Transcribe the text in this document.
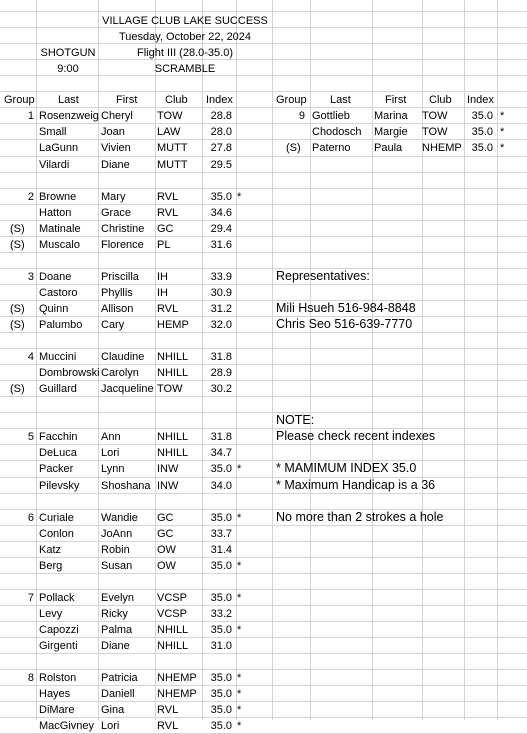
VILLAGE CLUB LAKE SUCCESS
Tuesday, October 22, 2024
SHOTGUN	Flight III (28.0-35.0)
9:00	SCRAMBLE
Group Last	First	Club Index	Group Last	First Club Index
1 Rosenzweig Cheryl TOW	28.8
Small	Joan	LAW	28.0
LaGunn Vivien MUTT	27.8
Vilardi	Diane MUTT	29.5
2 Browne Mary	RVL	35.0 *
Hatton	Grace RVL	34.6
(S) Matinale Christine GC	29.4
(S) Muscalo Florence PL	31.6
3 Doane	Priscilla IH	33.9
Castoro Phyllis IH	30.9
(S) Quinn	Allison RVL	31.2
(S) Palumbo Cary	HEMP	32.0
4 Muccini Claudine NHILL	31.8
Dombrowski Carolyn NHILL	28.9
(S) Guillard Jacqueline TOW	30.2
5 Facchin Ann	NHILL	31.8
DeLuca Lori	NHILL	34.7
Packer	Lynn	INW	35.0 *
Pilevsky Shoshana INW	34.0
6 Curiale Wandie GC	35.0 *
Conlon JoAnn GC	33.7
Katz	Robin OW	31.4
Berg	Susan OW	35.0 *
7 Pollack Evelyn VCSP	35.0 *
Levy	Ricky	VCSP	33.2
Capozzi Palma NHILL	35.0 *
Girgenti Diane NHILL	31.0
8 Rolston Patricia NHEMP	35.0 *
Hayes	Daniell NHEMP	35.0 *
DiMare Gina	RVL	35.0 *
MacGivney Lori	RVL	35.0 *
9 Gottlieb Marina TOW	35.0 *
Chodosch Margie TOW	35.0 *
(S) Paterno Paula NHEMP 35.0 *
Representatives:
Mili Hsueh 516-984-8848
Chris Seo 516-639-7770
NOTE:
Please check recent indexes
* MAMIMUM INDEX 35.0
* Maximum Handicap is a 36
No more than 2 strokes a hole
